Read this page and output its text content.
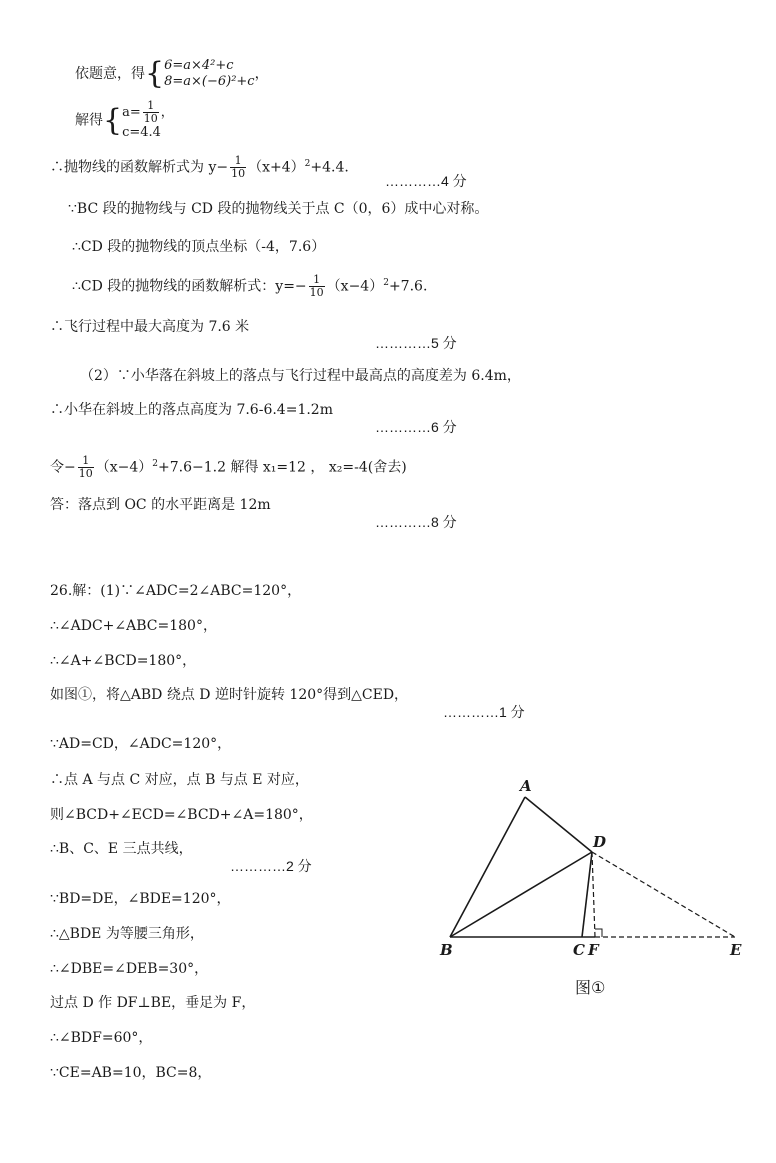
依题意，得{ 6=a×4²+c
8=a×(−6)²+c ，
解得{ $a= \frac{1}{10}$ ，
c=4.4
∴抛物线的函数解析式为 $y- \frac{1}{10} (x+4)^2+4.4$.
…………4 分
∵BC 段的抛物线与 CD 段的抛物线关于点 C（0，6）成中心对称。
∴CD 段的抛物线的顶点坐标（-4，7.6）
∴CD 段的抛物线的函数解析式：$y=- \frac{1}{10} (x-4)^2+7.6$.
∴飞行过程中最大高度为 7.6 米
…………5 分
（2）∵小华落在斜坡上的落点与飞行过程中最高点的高度差为 6.4m，
∴小华在斜坡上的落点高度为 7.6-6.4=1.2m
…………6 分
令− $\frac{1}{10} (x-4)^2+7.6-1.2$ 解得 x₁=12 ， x₂=-4(舍去)
答：落点到 OC 的水平距离是 12m
…………8 分
26.解：(1)∵∠ADC=2∠ABC=120°，
∴∠ADC+∠ABC=180°，
∴∠A+∠BCD=180°，
如图①，将△ABD 绕点 D 逆时针旋转 120°得到△CED，
…………1 分
∵AD=CD，∠ADC=120°，
∴点 A 与点 C 对应，点 B 与点 E 对应，
则∠BCD+∠ECD=∠BCD+∠A=180°，
∴B、C、E 三点共线，
…………2 分
∵BD=DE，∠BDE=120°，
∴△BDE 为等腰三角形，
∴∠DBE=∠DEB=30°，
过点 D 作 DF⊥BE，垂足为 F，
∴∠BDF=60°，
∵CE=AB=10，BC=8，
A
B	C
D
E
F
图①
